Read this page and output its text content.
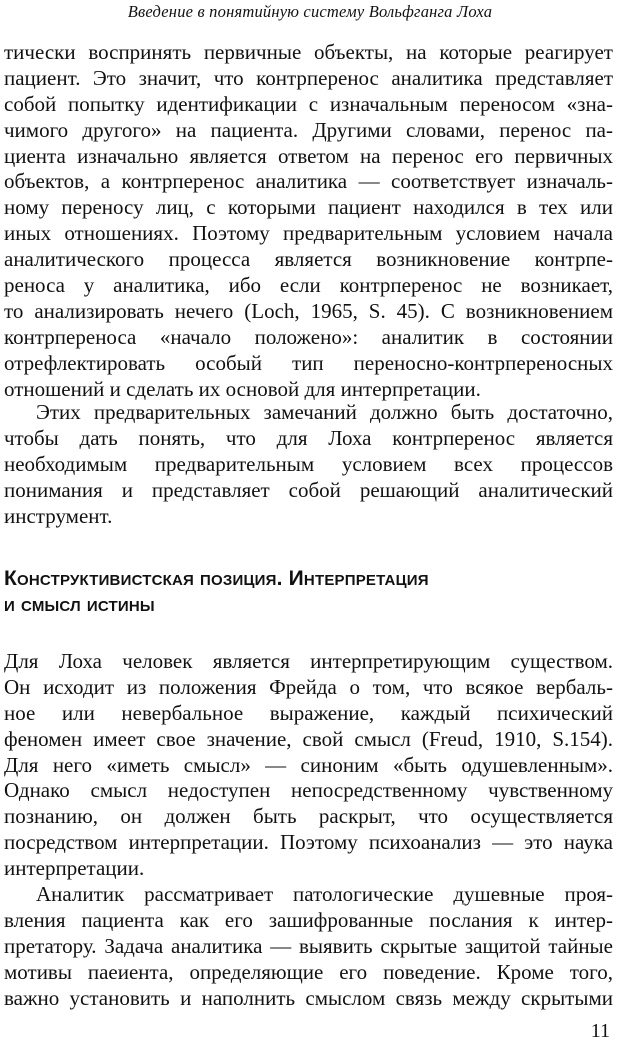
Введение в понятийную систему Вольфганга Лоха
тически воспринять первичные объекты, на которые реагирует
пациент. Это значит, что контрперенос аналитика представляет
собой попытку идентификации с изначальным переносом «зна-
чимого другого» на пациента. Другими словами, перенос па-
циента изначально является ответом на перенос его первичных
объектов, а контрперенос аналитика — соответствует изначаль-
ному переносу лиц, с которыми пациент находился в тех или
иных отношениях. Поэтому предварительным условием начала
аналитического процесса является возникновение контрпе-
реноса у аналитика, ибо если контрперенос не возникает,
то анализировать нечего (Loch, 1965, S. 45). С возникновением
контрпереноса «начало положено»: аналитик в состоянии
отрефлектировать особый тип переносно-контрпереносных
отношений и сделать их основой для интерпретации.
Этих предварительных замечаний должно быть достаточно,
чтобы дать понять, что для Лоха контрперенос является
необходимым предварительным условием всех процессов
понимания и представляет собой решающий аналитический
инструмент.
Конструктивистская позиция. Интерпретация
и смысл истины
Для Лоха человек является интерпретирующим существом.
Он исходит из положения Фрейда о том, что всякое вербаль-
ное или невербальное выражение, каждый психический
феномен имеет свое значение, свой смысл (Freud, 1910, S.154).
Для него «иметь смысл» — синоним «быть одушевленным».
Однако смысл недоступен непосредственному чувственному
познанию, он должен быть раскрыт, что осуществляется
посредством интерпретации. Поэтому психоанализ — это наука
интерпретации.
Аналитик рассматривает патологические душевные проя-
вления пациента как его зашифрованные послания к интер-
претатору. Задача аналитика — выявить скрытые защитой тайные
мотивы паеиента, определяющие его поведение. Кроме того,
важно установить и наполнить смыслом связь между скрытыми
11
